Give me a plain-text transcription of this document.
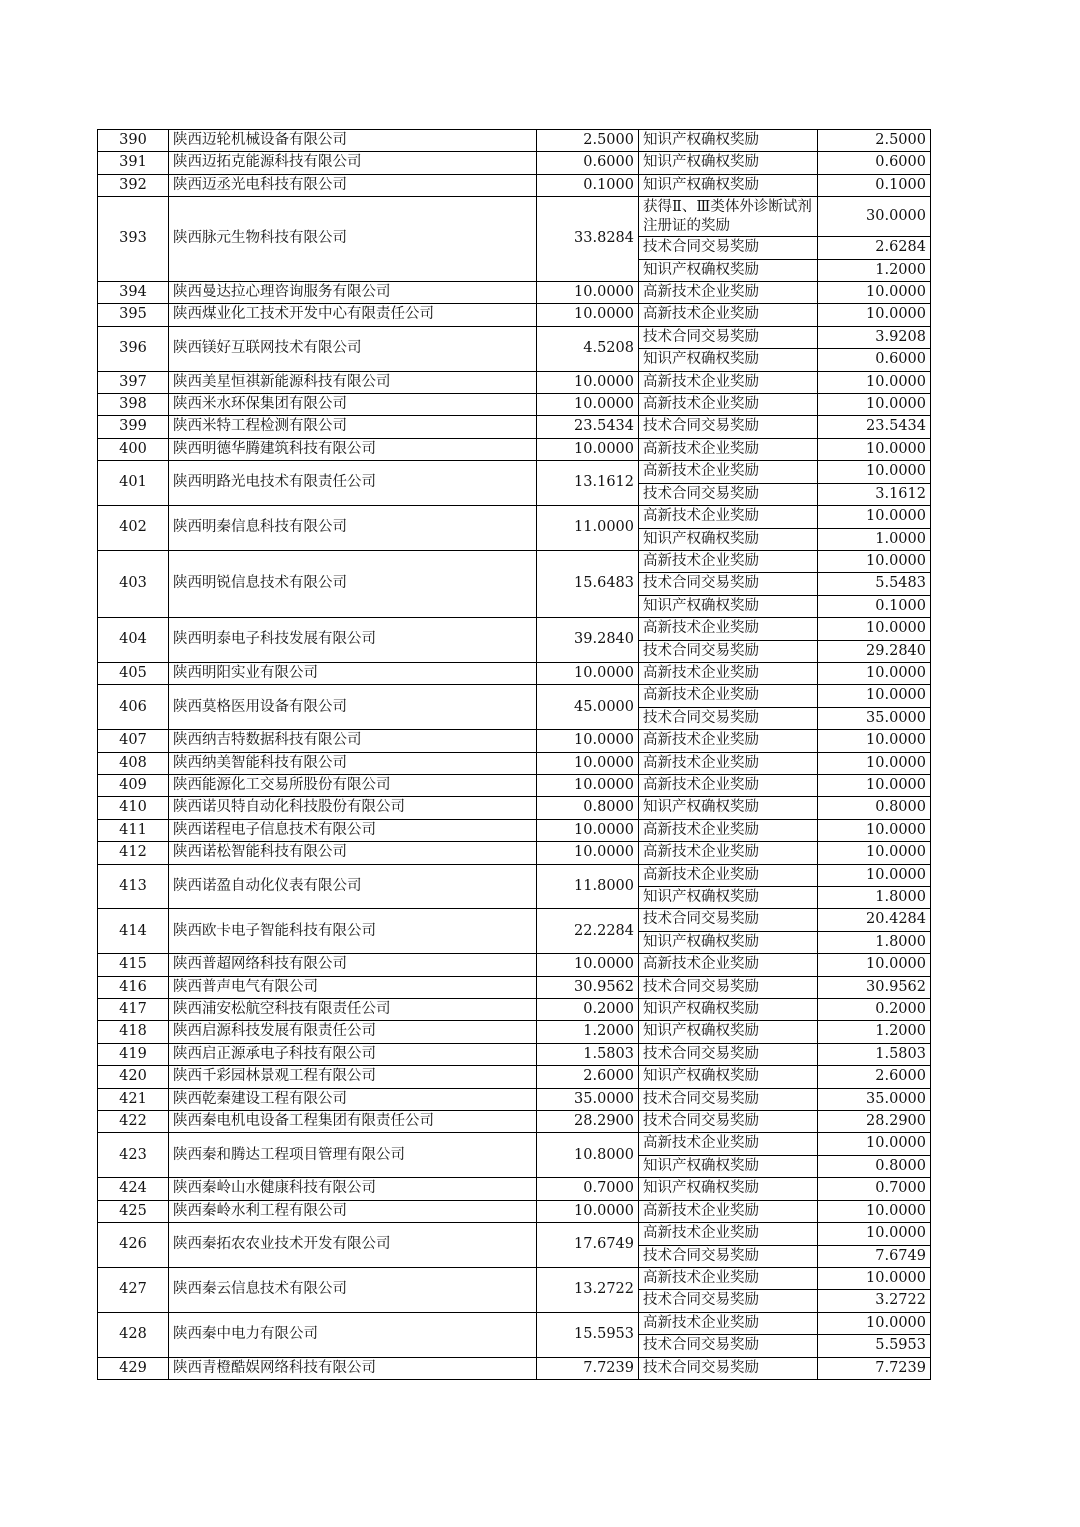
390	陕西迈轮机械设备有限公司	2.5000	知识产权确权奖励	2.5000
391	陕西迈拓克能源科技有限公司	0.6000	知识产权确权奖励	0.6000
392	陕西迈丞光电科技有限公司	0.1000	知识产权确权奖励	0.1000
393	陕西脉元生物科技有限公司	33.8284	获得Ⅱ、Ⅲ类体外诊断试剂注册证的奖励	30.0000
			技术合同交易奖励	2.6284
			知识产权确权奖励	1.2000
394	陕西曼达拉心理咨询服务有限公司	10.0000	高新技术企业奖励	10.0000
395	陕西煤业化工技术开发中心有限责任公司	10.0000	高新技术企业奖励	10.0000
396	陕西镁好互联网技术有限公司	4.5208	技术合同交易奖励	3.9208
			知识产权确权奖励	0.6000
397	陕西美星恒祺新能源科技有限公司	10.0000	高新技术企业奖励	10.0000
398	陕西米水环保集团有限公司	10.0000	高新技术企业奖励	10.0000
399	陕西米特工程检测有限公司	23.5434	技术合同交易奖励	23.5434
400	陕西明德华腾建筑科技有限公司	10.0000	高新技术企业奖励	10.0000
401	陕西明路光电技术有限责任公司	13.1612	高新技术企业奖励	10.0000
			技术合同交易奖励	3.1612
402	陕西明秦信息科技有限公司	11.0000	高新技术企业奖励	10.0000
			知识产权确权奖励	1.0000
403	陕西明锐信息技术有限公司	15.6483	高新技术企业奖励	10.0000
			技术合同交易奖励	5.5483
			知识产权确权奖励	0.1000
404	陕西明泰电子科技发展有限公司	39.2840	高新技术企业奖励	10.0000
			技术合同交易奖励	29.2840
405	陕西明阳实业有限公司	10.0000	高新技术企业奖励	10.0000
406	陕西莫格医用设备有限公司	45.0000	高新技术企业奖励	10.0000
			技术合同交易奖励	35.0000
407	陕西纳吉特数据科技有限公司	10.0000	高新技术企业奖励	10.0000
408	陕西纳美智能科技有限公司	10.0000	高新技术企业奖励	10.0000
409	陕西能源化工交易所股份有限公司	10.0000	高新技术企业奖励	10.0000
410	陕西诺贝特自动化科技股份有限公司	0.8000	知识产权确权奖励	0.8000
411	陕西诺程电子信息技术有限公司	10.0000	高新技术企业奖励	10.0000
412	陕西诺松智能科技有限公司	10.0000	高新技术企业奖励	10.0000
413	陕西诺盈自动化仪表有限公司	11.8000	高新技术企业奖励	10.0000
			知识产权确权奖励	1.8000
414	陕西欧卡电子智能科技有限公司	22.2284	技术合同交易奖励	20.4284
			知识产权确权奖励	1.8000
415	陕西普超网络科技有限公司	10.0000	高新技术企业奖励	10.0000
416	陕西普声电气有限公司	30.9562	技术合同交易奖励	30.9562
417	陕西浦安松航空科技有限责任公司	0.2000	知识产权确权奖励	0.2000
418	陕西启源科技发展有限责任公司	1.2000	知识产权确权奖励	1.2000
419	陕西启正源承电子科技有限公司	1.5803	技术合同交易奖励	1.5803
420	陕西千彩园林景观工程有限公司	2.6000	知识产权确权奖励	2.6000
421	陕西乾秦建设工程有限公司	35.0000	技术合同交易奖励	35.0000
422	陕西秦电机电设备工程集团有限责任公司	28.2900	技术合同交易奖励	28.2900
423	陕西秦和腾达工程项目管理有限公司	10.8000	高新技术企业奖励	10.0000
			知识产权确权奖励	0.8000
424	陕西秦岭山水健康科技有限公司	0.7000	知识产权确权奖励	0.7000
425	陕西秦岭水利工程有限公司	10.0000	高新技术企业奖励	10.0000
426	陕西秦拓农农业技术开发有限公司	17.6749	高新技术企业奖励	10.0000
			技术合同交易奖励	7.6749
427	陕西秦云信息技术有限公司	13.2722	高新技术企业奖励	10.0000
			技术合同交易奖励	3.2722
428	陕西秦中电力有限公司	15.5953	高新技术企业奖励	10.0000
			技术合同交易奖励	5.5953
429	陕西青橙酷娱网络科技有限公司	7.7239	技术合同交易奖励	7.7239
